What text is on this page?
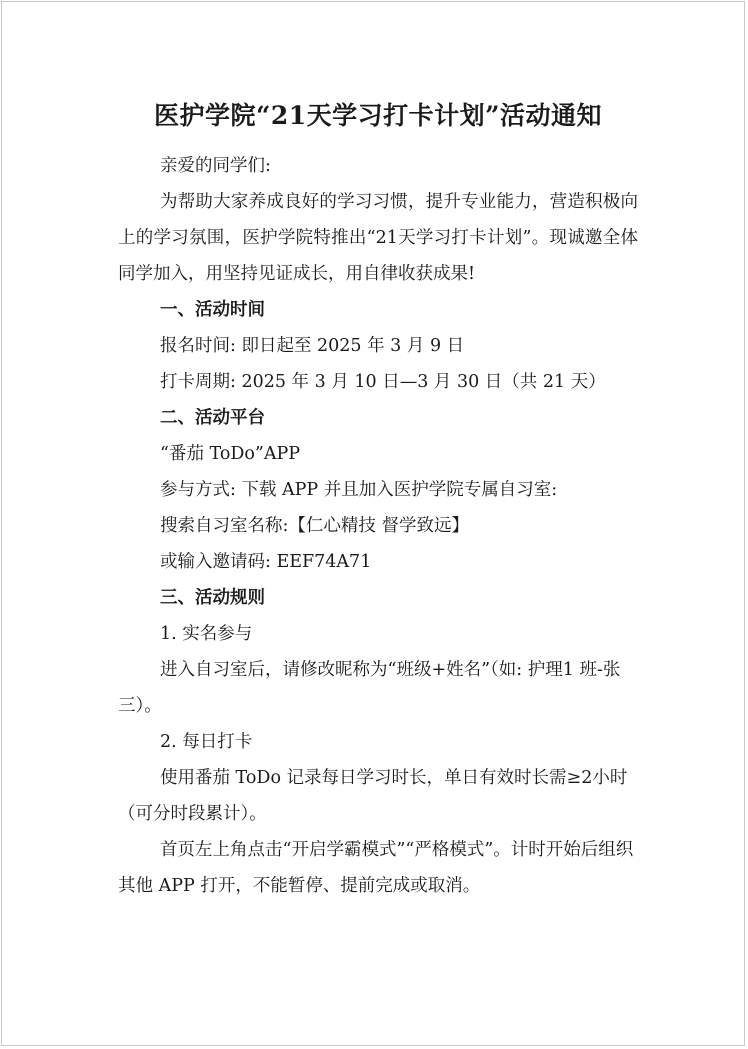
医护学院“21天学习打卡计划”活动通知

亲爱的同学们:

为帮助大家养成良好的学习习惯，提升专业能力，营造积极向上的学习氛围，医护学院特推出“21天学习打卡计划”。现诚邀全体同学加入，用坚持见证成长，用自律收获成果!

一、活动时间

报名时间: 即日起至 2025 年 3 月 9 日

打卡周期: 2025 年 3 月 10 日—3 月 30 日（共 21 天）

二、活动平台

“番茄 ToDo”APP

参与方式: 下载 APP 并且加入医护学院专属自习室:

搜索自习室名称:【仁心精技 督学致远】

或输入邀请码: EEF74A71

三、活动规则

1. 实名参与

进入自习室后，请修改昵称为“班级+姓名”（如: 护理1 班-张三）。

2. 每日打卡

使用番茄 ToDo 记录每日学习时长，单日有效时长需≥2小时（可分时段累计）。

首页左上角点击“开启学霸模式”“严格模式”。计时开始后组织其他 APP 打开，不能暂停、提前完成或取消。
